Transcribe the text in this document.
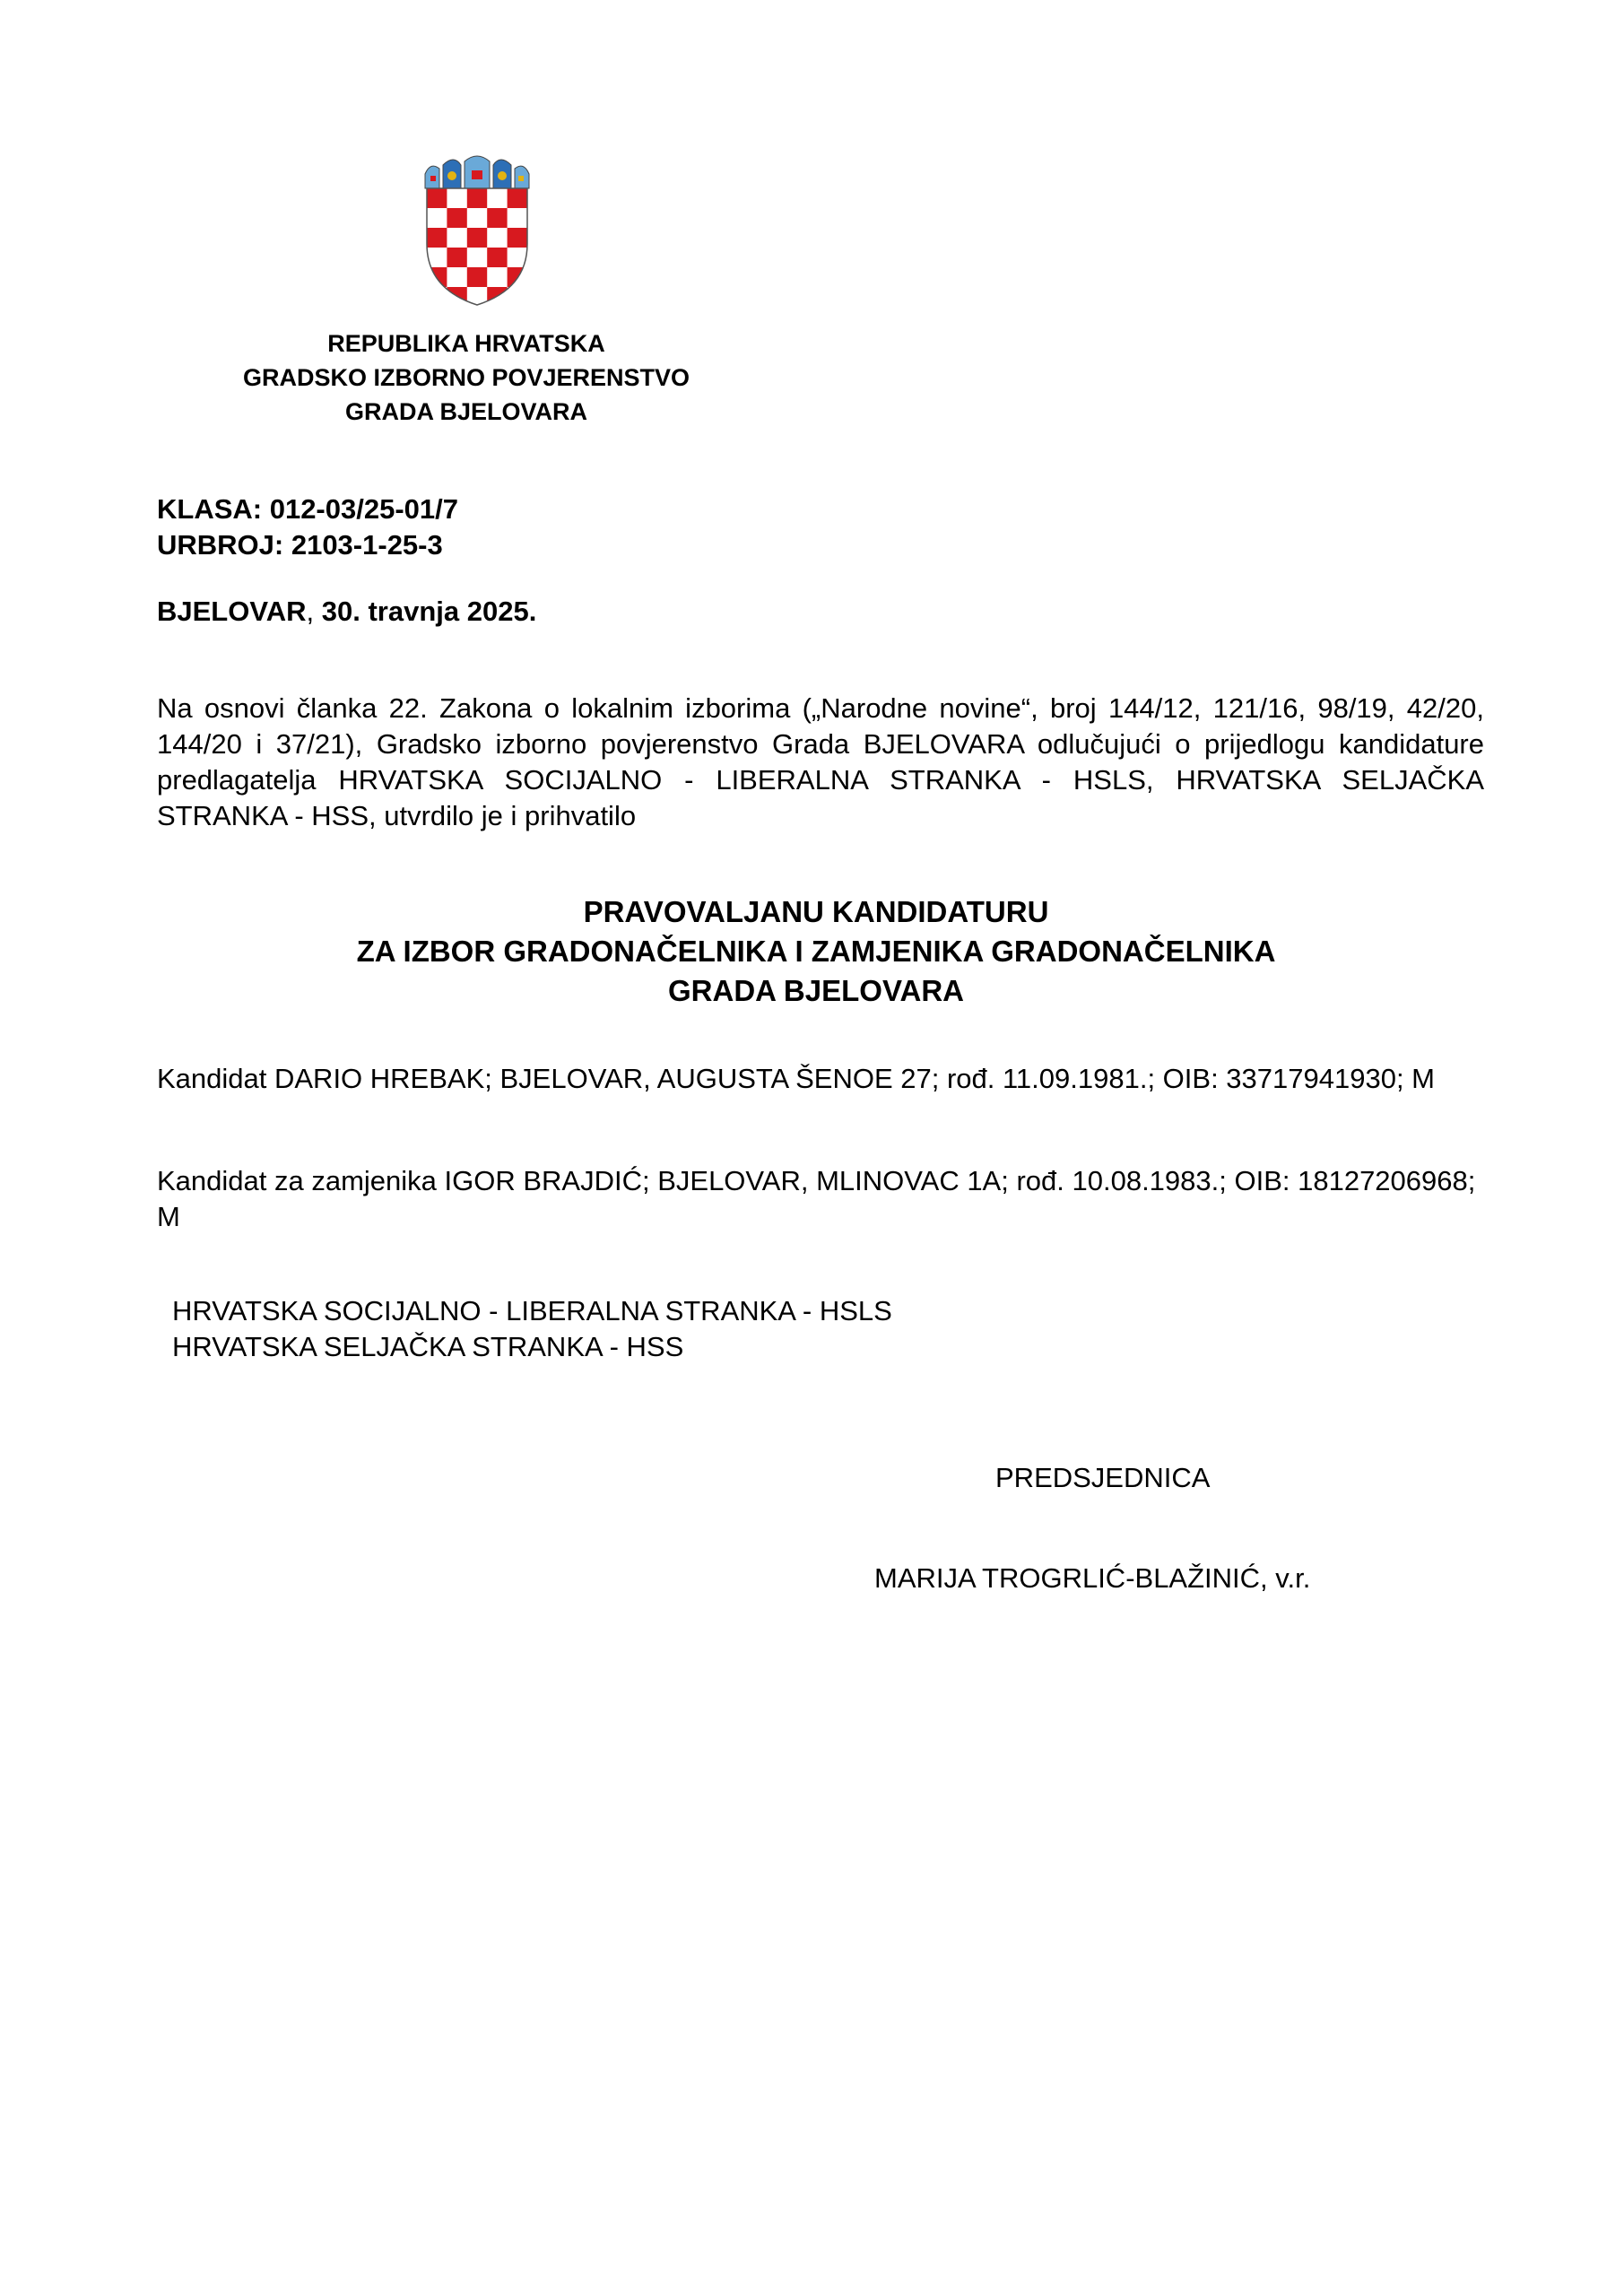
REPUBLIKA HRVATSKA

GRADSKO IZBORNO POVJERENSTVO

GRADA BJELOVARA

KLASA: 012-03/25-01/7

URBROJ: 2103-1-25-3

BJELOVAR, 30. travnja 2025.

Na osnovi članka 22. Zakona o lokalnim izborima („Narodne novine“, broj 144/12, 121/16, 98/19, 42/20, 144/20 i 37/21), Gradsko izborno povjerenstvo Grada BJELOVARA odlučujući o prijedlogu kandidature predlagatelja HRVATSKA SOCIJALNO - LIBERALNA STRANKA - HSLS, HRVATSKA SELJAČKA STRANKA - HSS, utvrdilo je i prihvatilo

PRAVOVALJANU KANDIDATURU

ZA IZBOR GRADONAČELNIKA I ZAMJENIKA GRADONAČELNIKA

GRADA BJELOVARA

Kandidat DARIO HREBAK; BJELOVAR, AUGUSTA ŠENOE 27; rođ. 11.09.1981.; OIB: 33717941930; M

Kandidat za zamjenika IGOR BRAJDIĆ; BJELOVAR, MLINOVAC 1A; rođ. 10.08.1983.; OIB: 18127206968; M

HRVATSKA SOCIJALNO - LIBERALNA STRANKA - HSLS

HRVATSKA SELJAČKA STRANKA - HSS

PREDSJEDNICA

MARIJA TROGRLIĆ-BLAŽINIĆ, v.r.
